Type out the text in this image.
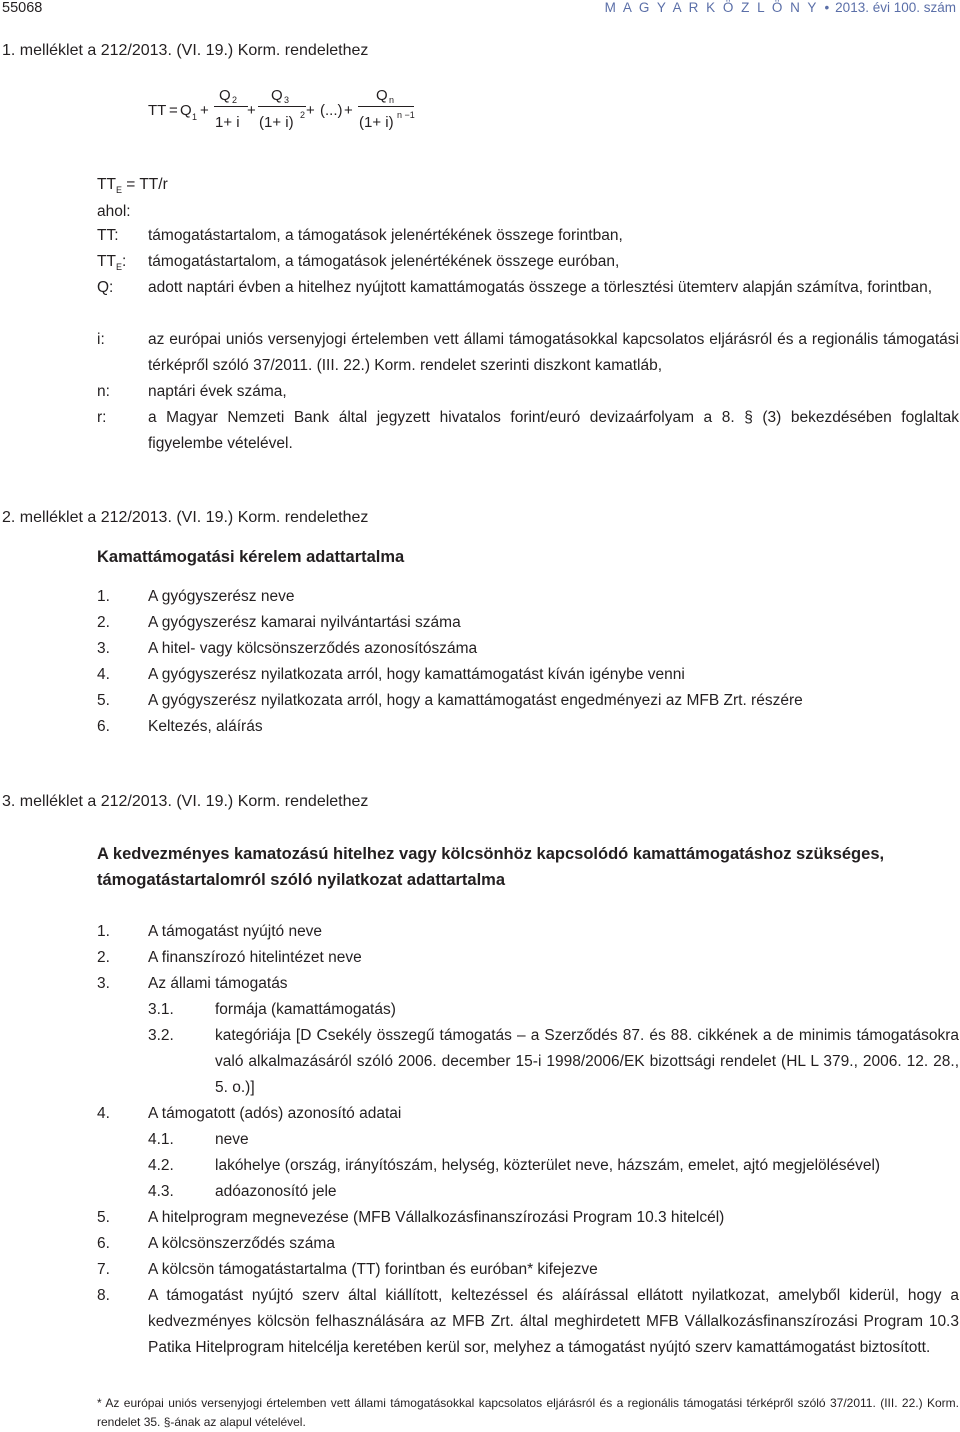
55068	M A G Y A R K Ö Z L Ö N Y • 2013. évi 100. szám
1. melléklet a 212/2013. (VI. 19.) Korm. rendelethez
TT = Q 1 +
Q 2
1+ i
+
Q 3
(1+ i) 2 + (...) +
Q n
(1+ i) n −1
$TT_E = TT/r$
ahol:
TT: támogatástartalom, a támogatások jelenértékének összege forintban,
$TT_E$: támogatástartalom, a támogatások jelenértékének összege euróban,
Q: adott naptári évben a hitelhez nyújtott kamattámogatás összege a törlesztési ütemterv alapján számítva, forintban,
i:	az európai uniós versenyjogi értelemben vett állami támogatásokkal kapcsolatos eljárásról és a regionális támogatási térképről szóló 37/2011. (III. 22.) Korm. rendelet szerinti diszkont kamatláb,
n: naptári évek száma,
r:	a Magyar Nemzeti Bank által jegyzett hivatalos forint/euró devizaárfolyam a 8. § (3) bekezdésében foglaltak figyelembe vételével.
2. melléklet a 212/2013. (VI. 19.) Korm. rendelethez
Kamattámogatási kérelem adattartalma
1. A gyógyszerész neve
2. A gyógyszerész kamarai nyilvántartási száma
3. A hitel- vagy kölcsönszerződés azonosítószáma
4. A gyógyszerész nyilatkozata arról, hogy kamattámogatást kíván igénybe venni
5. A gyógyszerész nyilatkozata arról, hogy a kamattámogatást engedményezi az MFB Zrt. részére
6. Keltezés, aláírás
3. melléklet a 212/2013. (VI. 19.) Korm. rendelethez
A kedvezményes kamatozású hitelhez vagy kölcsönhöz kapcsolódó kamattámogatáshoz szükséges,
támogatástartalomról szóló nyilatkozat adattartalma
1. A támogatást nyújtó neve
2. A finanszírozó hitelintézet neve
3. Az állami támogatás
3.1.	formája (kamattámogatás)
3.2.	kategóriája [D Csekély összegű támogatás – a Szerződés 87. és 88. cikkének a de minimis támogatásokra való alkalmazásáról szóló 2006. december 15-i 1998/2006/EK bizottsági rendelet (HL L 379., 2006. 12. 28., 5. o.)]
4. A támogatott (adós) azonosító adatai
4.1.	neve
4.2.	lakóhelye (ország, irányítószám, helység, közterület neve, házszám, emelet, ajtó megjelölésével)
4.3.	adóazonosító jele
5. A hitelprogram megnevezése (MFB Vállalkozásfinanszírozási Program 10.3 hitelcél)
6. A kölcsönszerződés száma
7. A kölcsön támogatástartalma (TT) forintban és euróban* kifejezve
8. A támogatást nyújtó szerv által kiállított, keltezéssel és aláírással ellátott nyilatkozat, amelyből kiderül, hogy a kedvezményes kölcsön felhasználására az MFB Zrt. által meghirdetett MFB Vállalkozásfinanszírozási Program 10.3 Patika Hitelprogram hitelcélja keretében kerül sor, melyhez a támogatást nyújtó szerv kamattámogatást biztosított.
* Az európai uniós versenyjogi értelemben vett állami támogatásokkal kapcsolatos eljárásról és a regionális támogatási térképről szóló 37/2011. (III. 22.) Korm. rendelet 35. §-ának az alapul vételével.
